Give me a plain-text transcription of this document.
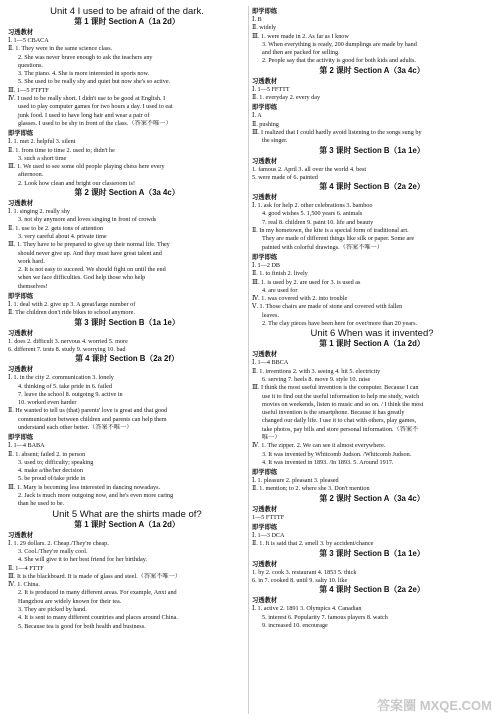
Unit 4 I used to be afraid of the dark.
第 1 课时 Section A（1a 2d）
习透教材
Ⅰ. 1—5 CBACA
Ⅱ. 1. They were in the same science class.
2. She was never brave enough to ask the teachers any
questions.
3. The piano. 4. She is more interested in sports now.
5. She used to be really shy and quiet but now she's so active.
Ⅲ. 1—5 FTFTF
Ⅳ. I used to be really short. I didn't use to be good at English. I
used to play computer games for two hours a day. I used to eat
junk food. I used to have long hair and wear a pair of
glasses. I used to be shy in front of the class.（答案不唯一）
即学即练
Ⅰ. 1. met 2. helpful 3. silent
Ⅱ. 1. from time to time 2. used to; didn't he
3. such a short time
Ⅲ. 1. We used to see some old people playing chess here every
afternoon.
2. Look how clean and bright our classroom is!
第 2 课时 Section A（3a 4c）
习透教材
Ⅰ. 1. singing 2. really shy
3. not shy anymore and loves singing in front of crowds
Ⅱ. 1. use to be 2. gets tons of attention
3. very careful about 4. private time
Ⅲ. 1. They have to be prepared to give up their normal life. They
should never give up. And they must have great talent and
work hard.
2. It is not easy to succeed. We should fight on until the end
when we face difficulties. God help those who help
themselves!
即学即练
Ⅰ. 1. deal with 2. give up 3. A great/large number of
Ⅱ. The children don't ride bikes to school anymore.
第 3 课时 Section B（1a 1e）
习透教材
1. does 2. difficult 3. nervous 4. worried 5. more
6. different 7. tests 8. study 9. worrying 10. bad
第 4 课时 Section B（2a 2f）
习透教材
Ⅰ. 1. in the city 2. communication 3. lonely
4. thinking of 5. take pride in 6. failed
7. leave the school 8. outgoing 9. active in
10. worked even harder
Ⅱ. He wanted to tell us (that) parents' love is great and that good
communication between children and parents can help them
understand each other better.（答案不唯一）
即学即练
Ⅰ. 1—4 BABA
Ⅱ. 1. absent; failed 2. in person
3. used to; difficulty; speaking
4. make a/the/her decision
5. be proud of/take pride in
Ⅲ. 1. Mary is becoming less interested in dancing nowadays.
2. Jack is much more outgoing now, and he's even more caring
than he used to be.
Unit 5 What are the shirts made of?
第 1 课时 Section A（1a 2d）
习透教材
Ⅰ. 1. 29 dollars. 2. Cheap./They're cheap.
3. Cool./They're really cool.
4. She will give it to her best friend for her birthday.
Ⅱ. 1—4 FTTF
Ⅲ. It is the blackboard. It is made of glass and steel.（答案不唯一）
Ⅳ. 1. China.
2. It is produced in many different areas. For example, Anxi and
Hangzhou are widely known for their tea.
3. They are picked by hand.
4. It is sent to many different countries and places around China.
5. Because tea is good for both health and business.
即学即练
Ⅰ. B
Ⅱ. widely
Ⅲ. 1. were made in 2. As far as I know
3. When everything is ready, 200 dumplings are made by hand
and then are packed for selling.
2. People say that the activity is good for both kids and adults.
第 2 课时 Section A（3a 4c）
习透教材
Ⅰ. 1—5 FFTTT
Ⅱ. 1. everyday 2. every day
即学即练
Ⅰ. A
Ⅱ. pushing
Ⅲ. I realized that I could hardly avoid listening to the songs sung by
the singer.
第 3 课时 Section B（1a 1e）
习透教材
1. famous 2. April 3. all over the world 4. best
5. were made of 6. painted
第 4 课时 Section B（2a 2e）
习透教材
Ⅰ. 1. ask for help 2. other celebrations 3. bamboo
4. good wishes 5. 1,500 years 6. animals
7. real 8. children 9. paint 10. life and beauty
Ⅱ. In my hometown, the kite is a special form of traditional art.
They are made of different things like silk or paper. Some are
painted with colorful drawings.（答案不唯一）
即学即练
Ⅰ. 1—2 DB
Ⅱ. 1. to finish 2. lively
Ⅲ. 1. is used by 2. are used for 3. is used as
4. are used for
Ⅳ. 1. was covered with 2. into trouble
Ⅴ. 1. Those chairs are made of stone and covered with fallen
leaves.
2. The clay pieces have been here for over/more than 20 years.
Unit 6 When was it invented?
第 1 课时 Section A（1a 2d）
习透教材
Ⅰ. 1—4 BBCA
Ⅱ. 1. inventions 2. with 3. seeing 4. hit 5. electricity
6. serving 7. heels 8. move 9. style 10. raise
Ⅲ. I think the most useful invention is the computer. Because I can
use it to find out the useful information to help me study, watch
movies on weekends, listen to music and so on. / I think the most
useful invention is the smartphone. Because it has greatly
changed our daily life. I use it to chat with others, play games,
take photos, pay bills and store personal information.（答案不
唯一）
Ⅳ. 1. The zipper. 2. We can see it almost everywhere.
3. It was invented by Whitcomb Judson. /Whitcomb Judson.
4. It was invented in 1893. /In 1893. 5. Around 1917.
即学即练
Ⅰ. 1. pleasure 2. pleasant 3. pleased
Ⅱ. 1. mention; to 2. where she 3. Don't mention
第 2 课时 Section A（3a 4c）
习透教材
1—5 FTTTF
即学即练
Ⅰ. 1—3 DCA
Ⅱ. 1. It is said that 2. smell 3. by accident/chance
第 3 课时 Section B（1a 1e）
习透教材
1. by 2. cook 3. restaurant 4. 1853 5. thick
6. in 7. cooked 8. until 9. salty 10. like
第 4 课时 Section B（2a 2e）
习透教材
Ⅰ. 1. active 2. 1891 3. Olympics 4. Canadian
5. interest 6. Popularity 7. famous players 8. watch
9. increased 10. encourage
答案圈 MXQE.COM
